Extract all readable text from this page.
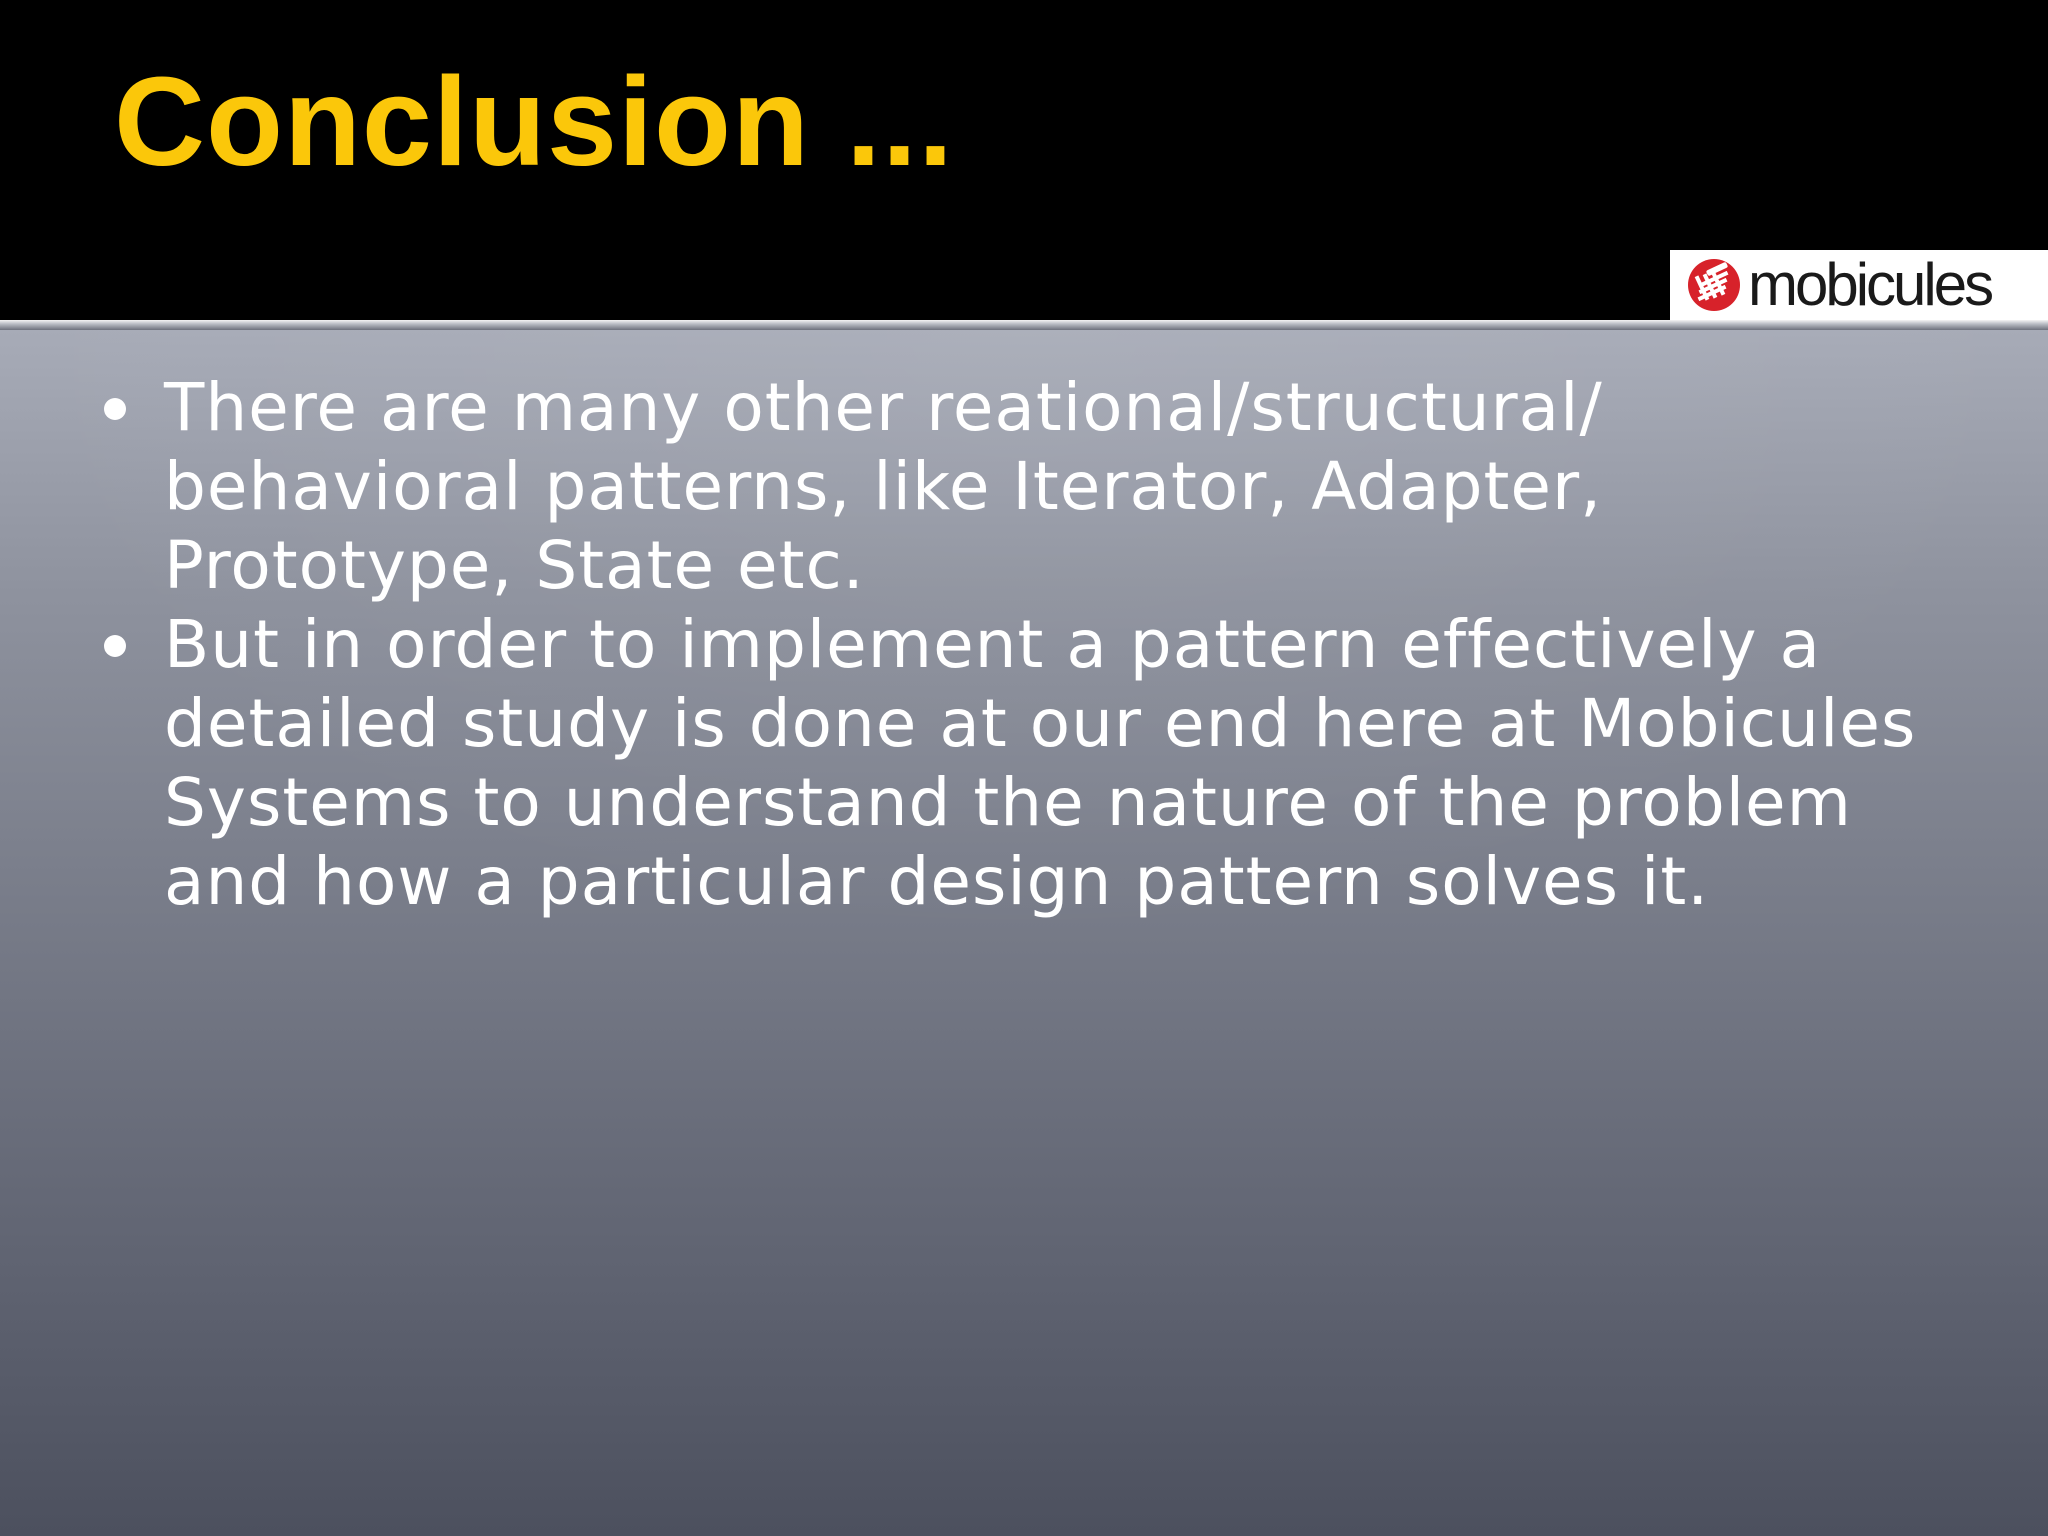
Conclusion ...
mobicules
There are many other reational/structural/
behavioral patterns, like Iterator, Adapter,
Prototype, State etc.
But in order to implement a pattern effectively a
detailed study is done at our end here at Mobicules
Systems to understand the nature of the problem
and how a particular design pattern solves it.
